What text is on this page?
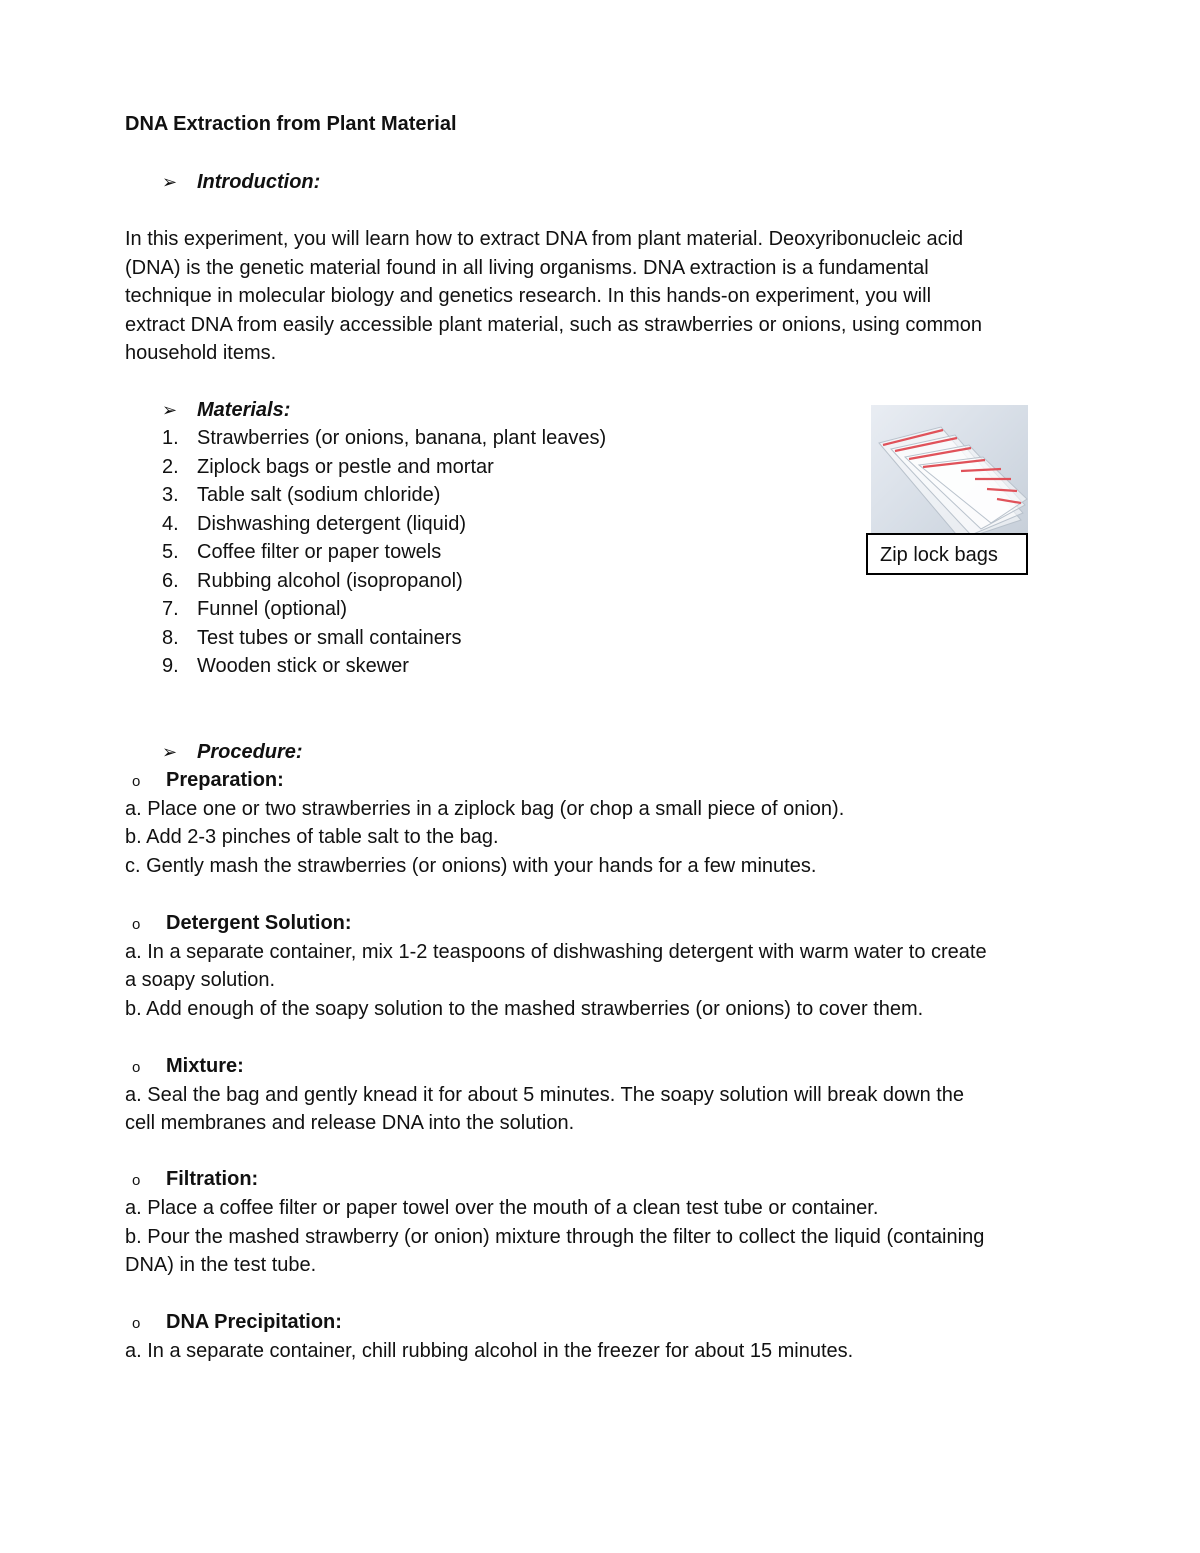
DNA Extraction from Plant Material
➢ Introduction:
In this experiment, you will learn how to extract DNA from plant material. Deoxyribonucleic acid
(DNA) is the genetic material found in all living organisms. DNA extraction is a fundamental
technique in molecular biology and genetics research. In this hands-on experiment, you will
extract DNA from easily accessible plant material, such as strawberries or onions, using common
household items.
➢ Materials:
1. Strawberries (or onions, banana, plant leaves)
2. Ziplock bags or pestle and mortar
3. Table salt (sodium chloride)
4. Dishwashing detergent (liquid)
5. Coffee filter or paper towels
6. Rubbing alcohol (isopropanol)
7. Funnel (optional)
8. Test tubes or small containers
9. Wooden stick or skewer
Zip lock bags
➢ Procedure:
o Preparation:
a. Place one or two strawberries in a ziplock bag (or chop a small piece of onion).
b. Add 2-3 pinches of table salt to the bag.
c. Gently mash the strawberries (or onions) with your hands for a few minutes.
o Detergent Solution:
a. In a separate container, mix 1-2 teaspoons of dishwashing detergent with warm water to create
a soapy solution.
b. Add enough of the soapy solution to the mashed strawberries (or onions) to cover them.
o Mixture:
a. Seal the bag and gently knead it for about 5 minutes. The soapy solution will break down the
cell membranes and release DNA into the solution.
o Filtration:
a. Place a coffee filter or paper towel over the mouth of a clean test tube or container.
b. Pour the mashed strawberry (or onion) mixture through the filter to collect the liquid (containing
DNA) in the test tube.
o DNA Precipitation:
a. In a separate container, chill rubbing alcohol in the freezer for about 15 minutes.
